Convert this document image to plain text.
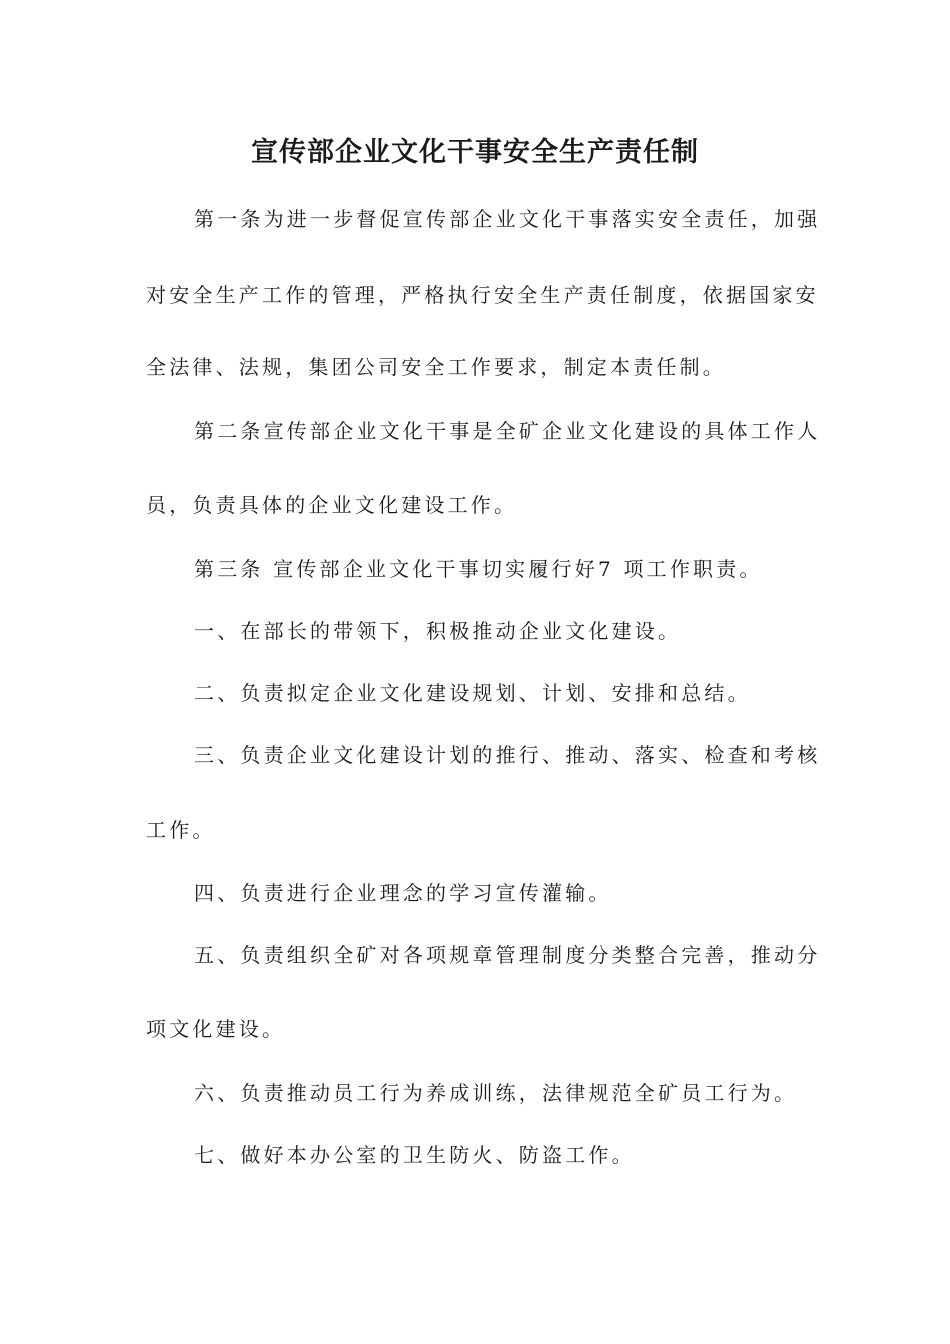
宣传部企业文化干事安全生产责任制

第一条为进一步督促宣传部企业文化干事落实安全责任，加强

对安全生产工作的管理，严格执行安全生产责任制度，依据国家安

全法律、法规，集团公司安全工作要求，制定本责任制。

第二条宣传部企业文化干事是全矿企业文化建设的具体工作人

员，负责具体的企业文化建设工作。

第三条 宣传部企业文化干事切实履行好7 项工作职责。

一、在部长的带领下，积极推动企业文化建设。

二、负责拟定企业文化建设规划、计划、安排和总结。

三、负责企业文化建设计划的推行、推动、落实、检查和考核

工作。

四、负责进行企业理念的学习宣传灌输。

五、负责组织全矿对各项规章管理制度分类整合完善，推动分

项文化建设。

六、负责推动员工行为养成训练，法律规范全矿员工行为。

七、做好本办公室的卫生防火、防盗工作。
